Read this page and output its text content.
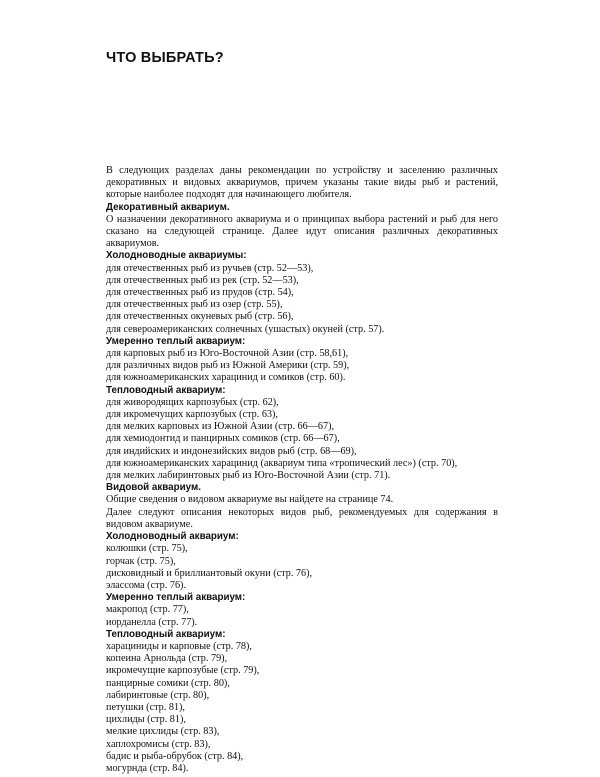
ЧТО ВЫБРАТЬ?

В следующих разделах даны рекомендации по устройству и заселению различных декоративных и видовых аквариумов, причем указаны такие виды рыб и растений, которые наиболее подходят для начинающего любителя.

Декоративный аквариум.

О назначении декоративного аквариума и о принципах выбора растений и рыб для него сказано на следующей странице. Далее идут описания различных декоративных аквариумов.

Холодноводные аквариумы:

для отечественных рыб из ручьев (стр. 52—53),

для отечественных рыб из рек (стр. 52—53),

для отечественных рыб из прудов (стр. 54),

для отечественных рыб из озер (стр. 55),

для отечественных окуневых рыб (стр. 56),

для североамериканских солнечных (ушастых) окуней (стр. 57).

Умеренно теплый аквариум:

для карповых рыб из Юго-Восточной Азии (стр. 58,61),

для различных видов рыб из Южной Америки (стр. 59),

для южноамериканских харацинид и сомиков (стр. 60).

Тепловодный аквариум:

для живородящих карпозубых (стр. 62),

для икромечущих карпозубых (стр. 63),

для мелких карповых из Южной Азии (стр. 66—67),

для хемиодонтид и панцирных сомиков (стр. 66—67),

для индийских и индонезийских видов рыб (стр. 68—69),

для южноамериканских харацинид (аквариум типа «тропический лес») (стр. 70),

для мелких лабиринтовых рыб из Юго-Восточной Азии (стр. 71).

Видовой аквариум.

Общие сведения о видовом аквариуме вы найдете на странице 74.

Далее следуют описания некоторых видов рыб, рекомендуемых для содержания в видовом аквариуме.

Холодноводный аквариум:

колюшки (стр. 75),

горчак (стр. 75),

дисковидный и бриллиантовый окуни (стр. 76),

элассома (стр. 76).

Умеренно теплый аквариум:

макропод (стр. 77),

иорданелла (стр. 77).

Тепловодный аквариум:

харациниды и карповые (стр. 78),

копеина Арнольда (стр. 79),

икромечущие карпозубые (стр. 79),

панцирные сомики (стр. 80),

лабиринтовые (стр. 80),

петушки (стр. 81),

цихлиды (стр. 81),

мелкие цихлиды (стр. 83),

хаплохромисы (стр. 83),

бадис и рыба-обрубок (стр. 84),

могурнда (стр. 84).
